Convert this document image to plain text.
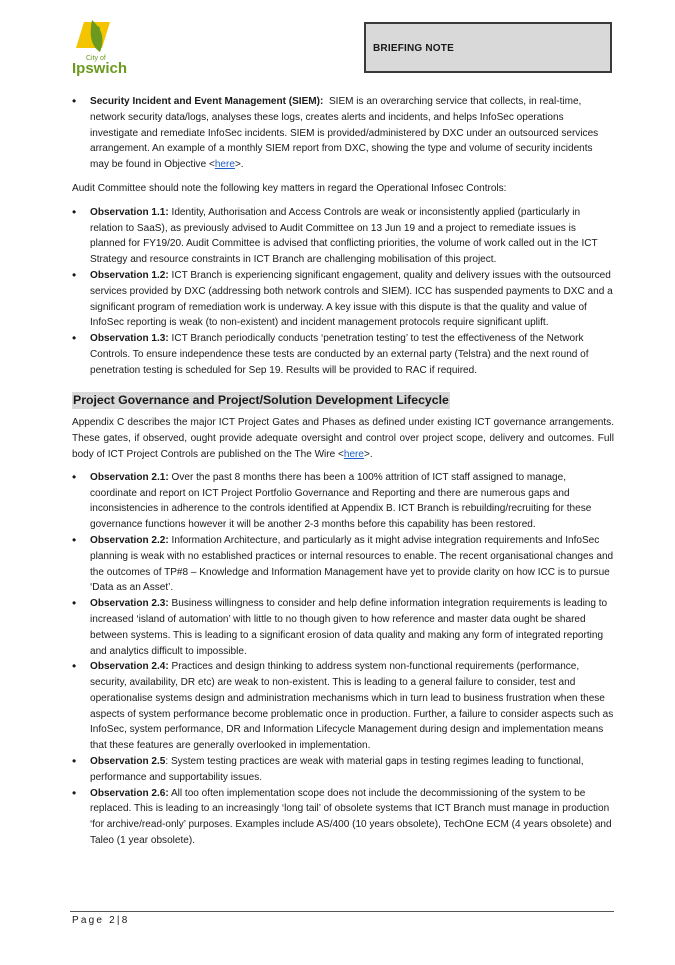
City of
Ipswich
BRIEFING NOTE
• Security Incident and Event Management (SIEM): SIEM is an overarching service that collects, in real-time, network security data/logs, analyses these logs, creates alerts and incidents, and helps InfoSec operations investigate and remediate InfoSec incidents. SIEM is provided/administered by DXC under an outsourced services arrangement. An example of a monthly SIEM report from DXC, showing the type and volume of security incidents may be found in Objective <here>.

Audit Committee should note the following key matters in regard the Operational Infosec Controls:

• Observation 1.1: Identity, Authorisation and Access Controls are weak or inconsistently applied (particularly in relation to SaaS), as previously advised to Audit Committee on 13 Jun 19 and a project to remediate issues is planned for FY19/20. Audit Committee is advised that conflicting priorities, the volume of work called out in the ICT Strategy and resource constraints in ICT Branch are challenging mobilisation of this project.
• Observation 1.2: ICT Branch is experiencing significant engagement, quality and delivery issues with the outsourced services provided by DXC (addressing both network controls and SIEM). ICC has suspended payments to DXC and a significant program of remediation work is underway. A key issue with this dispute is that the quality and value of InfoSec reporting is weak (to non-existent) and incident management protocols require significant uplift.
• Observation 1.3: ICT Branch periodically conducts ‘penetration testing’ to test the effectiveness of the Network Controls. To ensure independence these tests are conducted by an external party (Telstra) and the next round of penetration testing is scheduled for Sep 19. Results will be provided to RAC if required.
Project Governance and Project/Solution Development Lifecycle

Appendix C describes the major ICT Project Gates and Phases as defined under existing ICT governance arrangements. These gates, if observed, ought provide adequate oversight and control over project scope, delivery and outcomes. Full body of ICT Project Controls are published on the The Wire <here>.

• Observation 2.1: Over the past 8 months there has been a 100% attrition of ICT staff assigned to manage, coordinate and report on ICT Project Portfolio Governance and Reporting and there are numerous gaps and inconsistencies in adherence to the controls identified at Appendix B. ICT Branch is rebuilding/recruiting for these governance functions however it will be another 2-3 months before this capability has been restored.
• Observation 2.2: Information Architecture, and particularly as it might advise integration requirements and InfoSec planning is weak with no established practices or internal resources to enable. The recent organisational changes and the outcomes of TP#8 – Knowledge and Information Management have yet to provide clarity on how ICC is to pursue ‘Data as an Asset’.
• Observation 2.3: Business willingness to consider and help define information integration requirements is leading to increased ‘island of automation’ with little to no though given to how reference and master data ought be shared between systems. This is leading to a significant erosion of data quality and making any form of integrated reporting and analytics difficult to impossible.
• Observation 2.4: Practices and design thinking to address system non-functional requirements (performance, security, availability, DR etc) are weak to non-existent. This is leading to a general failure to consider, test and operationalise systems design and administration mechanisms which in turn lead to business frustration when these aspects of system performance become problematic once in production. Further, a failure to consider aspects such as InfoSec, system performance, DR and Information Lifecycle Management during design and implementation means that these features are generally overlooked in implementation.
• Observation 2.5: System testing practices are weak with material gaps in testing regimes leading to functional, performance and supportability issues.
• Observation 2.6: All too often implementation scope does not include the decommissioning of the system to be replaced. This is leading to an increasingly ‘long tail’ of obsolete systems that ICT Branch must manage in production ‘for archive/read-only’ purposes. Examples include AS/400 (10 years obsolete), TechOne ECM (4 years obsolete) and Taleo (1 year obsolete).
Page 2|8
